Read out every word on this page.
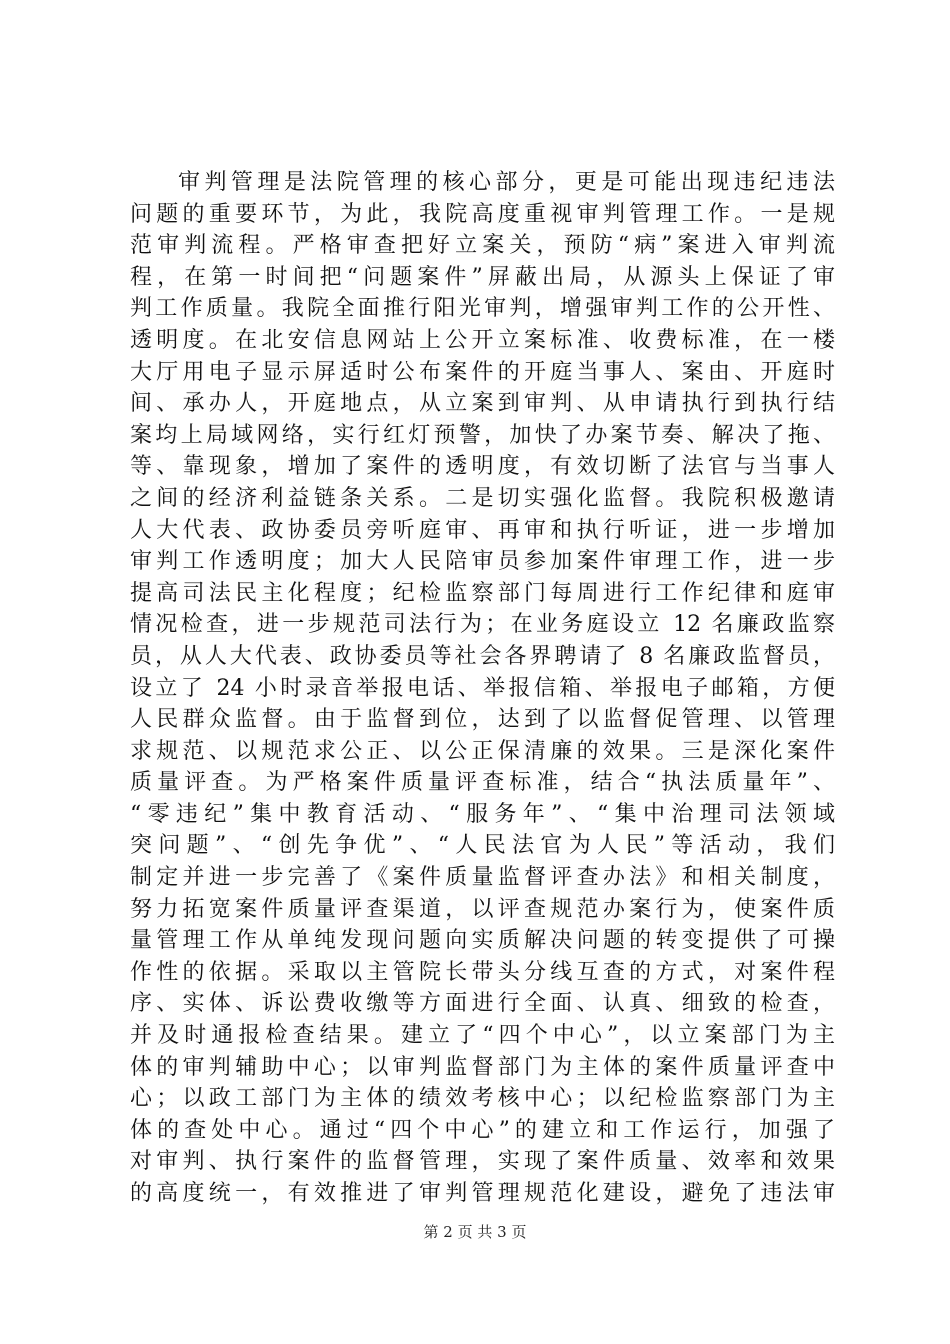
审判管理是法院管理的核心部分，更是可能出现违纪违法
问题的重要环节，为此，我院高度重视审判管理工作。一是规
范审判流程。严格审查把好立案关，预防“病”案进入审判流
程，在第一时间把“问题案件”屏蔽出局，从源头上保证了审
判工作质量。我院全面推行阳光审判，增强审判工作的公开性、
透明度。在北安信息网站上公开立案标准、收费标准，在一楼
大厅用电子显示屏适时公布案件的开庭当事人、案由、开庭时
间、承办人，开庭地点，从立案到审判、从申请执行到执行结
案均上局域网络，实行红灯预警，加快了办案节奏、解决了拖、
等、靠现象，增加了案件的透明度，有效切断了法官与当事人
之间的经济利益链条关系。二是切实强化监督。我院积极邀请
人大代表、政协委员旁听庭审、再审和执行听证，进一步增加
审判工作透明度；加大人民陪审员参加案件审理工作，进一步
提高司法民主化程度；纪检监察部门每周进行工作纪律和庭审
情况检查，进一步规范司法行为；在业务庭设立 12 名廉政监察
员，从人大代表、政协委员等社会各界聘请了 8 名廉政监督员，
设立了 24 小时录音举报电话、举报信箱、举报电子邮箱，方便
人民群众监督。由于监督到位，达到了以监督促管理、以管理
求规范、以规范求公正、以公正保清廉的效果。三是深化案件
质量评查。为严格案件质量评查标准，结合“执法质量年”、
“零违纪”集中教育活动、“服务年”、“集中治理司法领域
突问题”、“创先争优”、“人民法官为人民”等活动，我们
制定并进一步完善了《案件质量监督评查办法》和相关制度，
努力拓宽案件质量评查渠道，以评查规范办案行为，使案件质
量管理工作从单纯发现问题向实质解决问题的转变提供了可操
作性的依据。采取以主管院长带头分线互查的方式，对案件程
序、实体、诉讼费收缴等方面进行全面、认真、细致的检查，
并及时通报检查结果。建立了“四个中心”，以立案部门为主
体的审判辅助中心；以审判监督部门为主体的案件质量评查中
心；以政工部门为主体的绩效考核中心；以纪检监察部门为主
体的查处中心。通过“四个中心”的建立和工作运行，加强了
对审判、执行案件的监督管理，实现了案件质量、效率和效果
的高度统一，有效推进了审判管理规范化建设，避免了违法审
第 2 页 共 3 页
